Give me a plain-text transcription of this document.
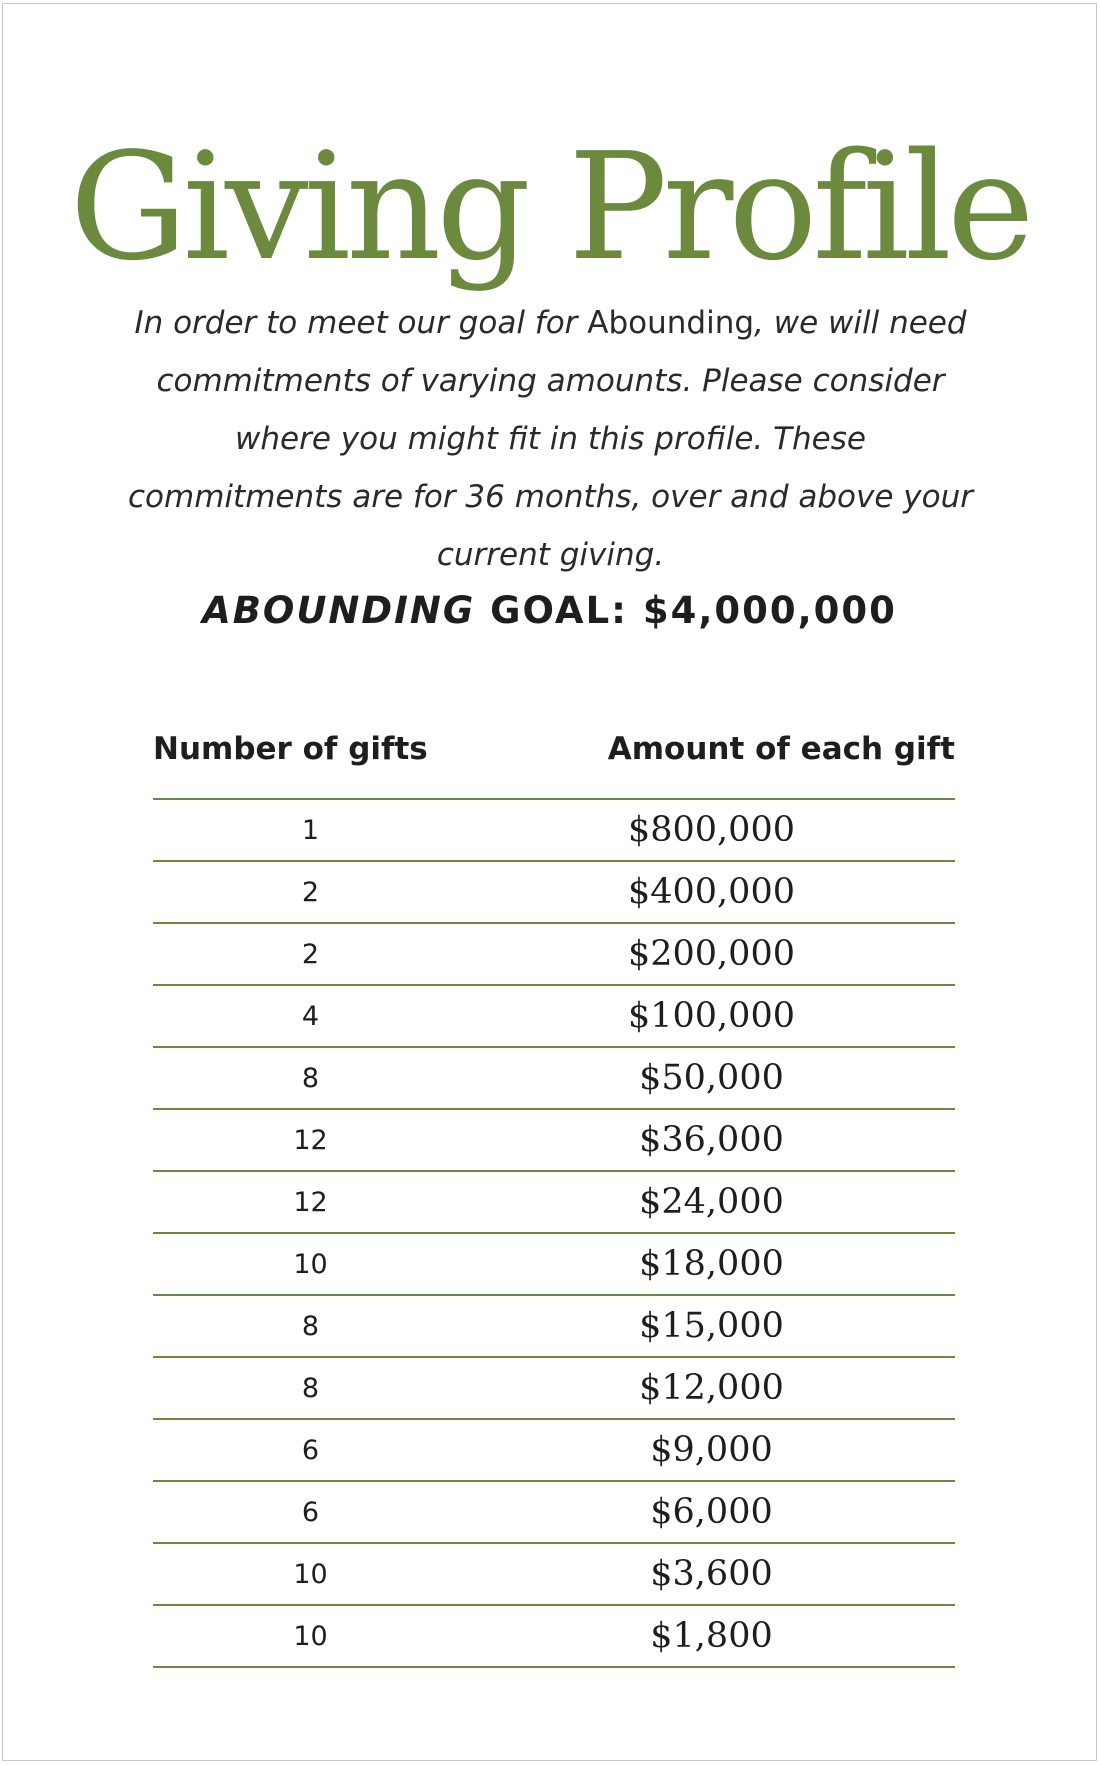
Giving Profile

In order to meet our goal for Abounding, we will need commitments of varying amounts. Please consider where you might fit in this profile. These commitments are for 36 months, over and above your current giving.

ABOUNDING GOAL: $4,000,000
Number of gifts	Amount of each gift
1	$800,000
2	$400,000
2	$200,000
4	$100,000
8	$50,000
12	$36,000
12	$24,000
10	$18,000
8	$15,000
8	$12,000
6	$9,000
6	$6,000
10	$3,600
10	$1,800
